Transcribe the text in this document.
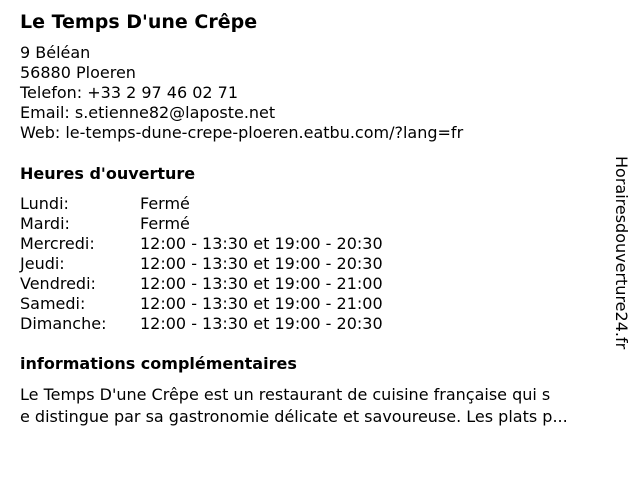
Le Temps D'une Crêpe
9 Béléan
56880 Ploeren
Telefon: +33 2 97 46 02 71
Email: s.etienne82@laposte.net
Web: le-temps-dune-crepe-ploeren.eatbu.com/?lang=fr
Heures d'ouverture
Lundi:	Fermé
Mardi:	Fermé
Mercredi:	12:00 - 13:30 et 19:00 - 20:30
Jeudi:	12:00 - 13:30 et 19:00 - 20:30
Vendredi:	12:00 - 13:30 et 19:00 - 21:00
Samedi:	12:00 - 13:30 et 19:00 - 21:00
Dimanche:	12:00 - 13:30 et 19:00 - 20:30
informations complémentaires
Le Temps D'une Crêpe est un restaurant de cuisine française qui s
e distingue par sa gastronomie délicate et savoureuse. Les plats p...
Horairesdouverture24.fr
